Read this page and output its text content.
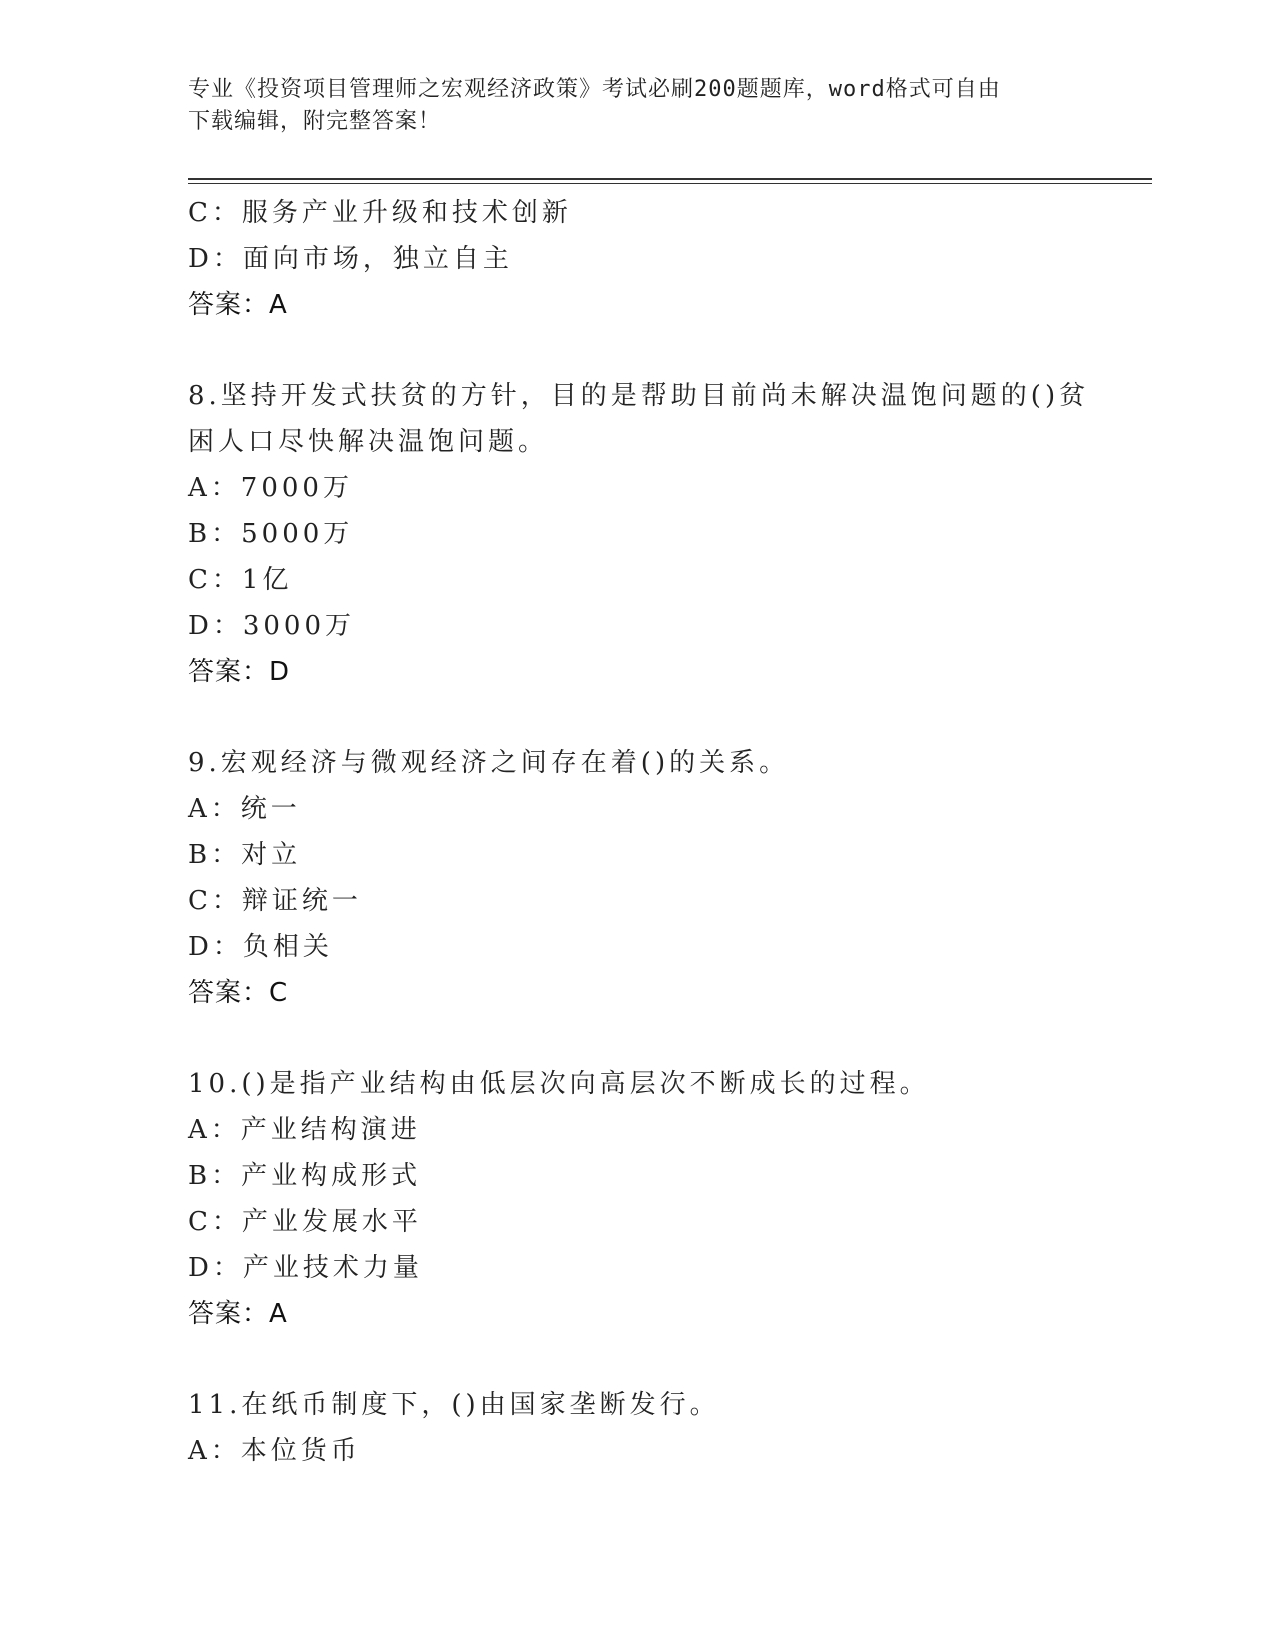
专业《投资项目管理师之宏观经济政策》考试必刷200题题库，word格式可自由
下载编辑，附完整答案！
C：服务产业升级和技术创新
D：面向市场，独立自主
答案：A
8.坚持开发式扶贫的方针，目的是帮助目前尚未解决温饱问题的()贫
困人口尽快解决温饱问题。
A：7000万
B：5000万
C：1亿
D：3000万
答案：D
9.宏观经济与微观经济之间存在着()的关系。
A：统一
B：对立
C：辩证统一
D：负相关
答案：C
10.()是指产业结构由低层次向高层次不断成长的过程。
A：产业结构演进
B：产业构成形式
C：产业发展水平
D：产业技术力量
答案：A
11.在纸币制度下，()由国家垄断发行。
A：本位货币
